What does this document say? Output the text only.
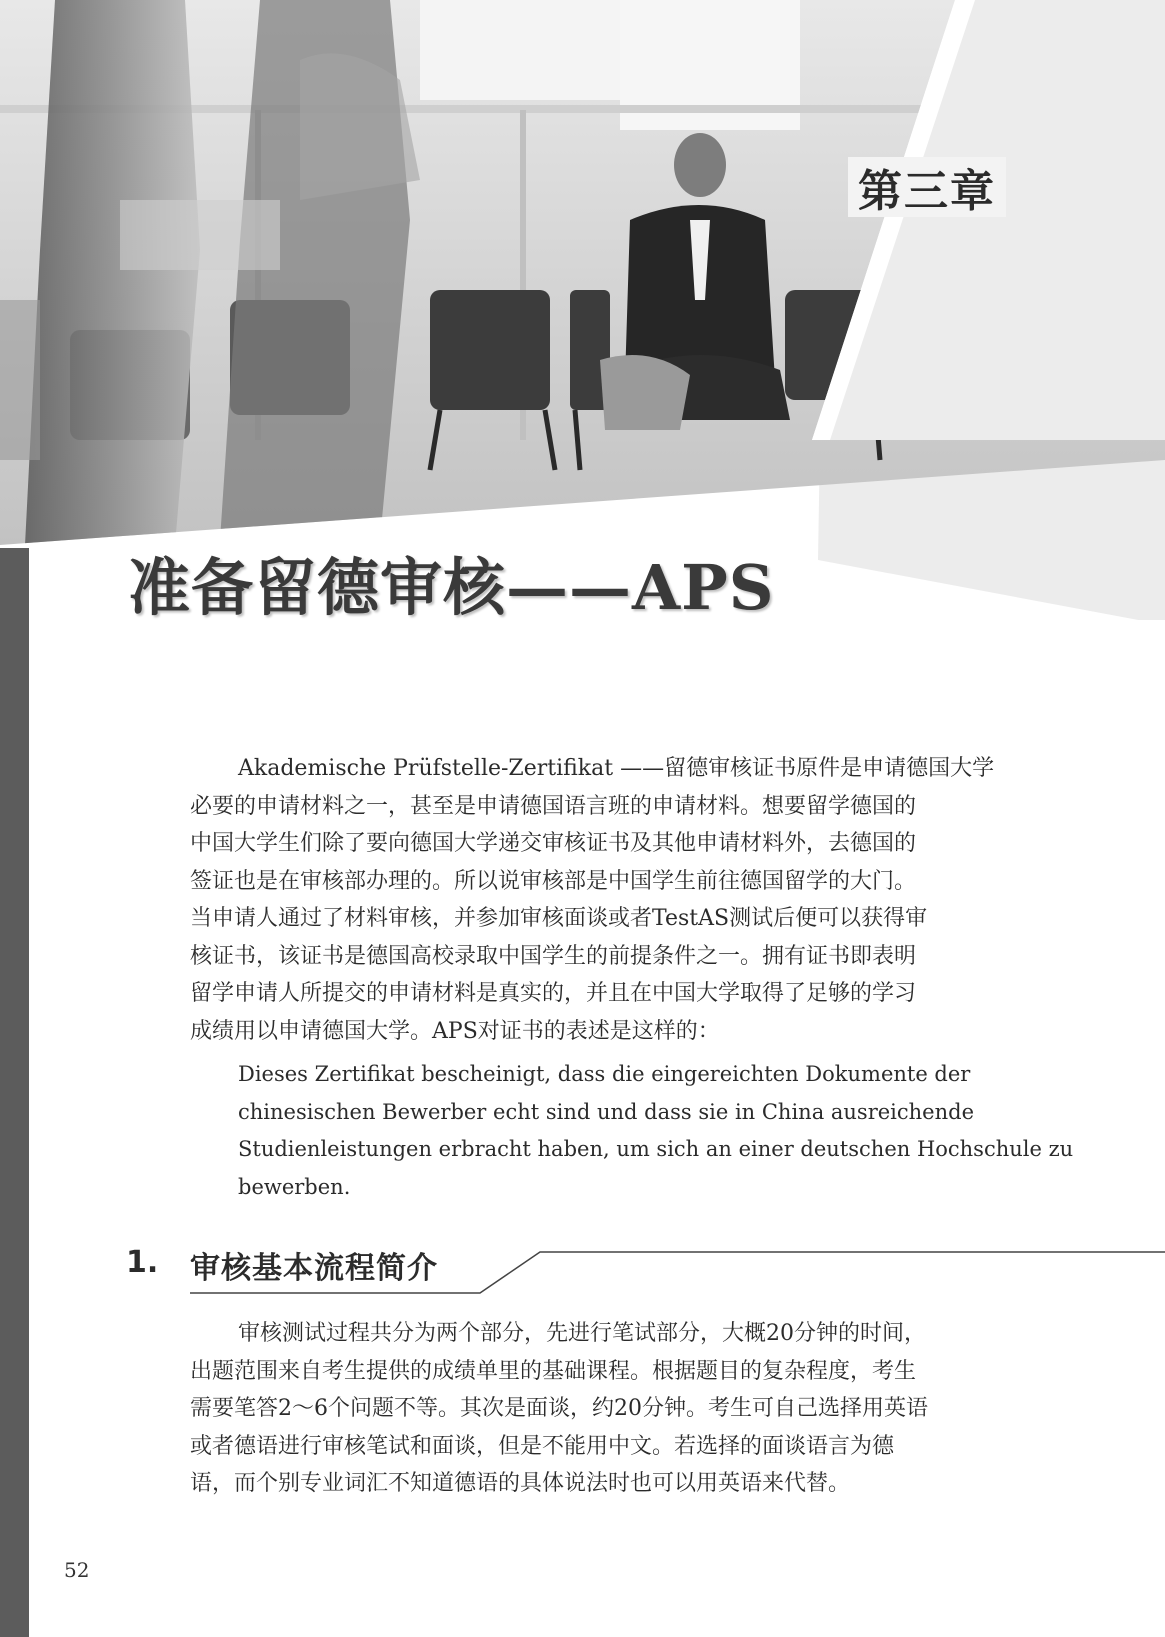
第三章
准备留德审核——APS
Akademische Prüfstelle-Zertifikat ——留德审核证书原件是申请德国大学
必要的申请材料之一，甚至是申请德国语言班的申请材料。想要留学德国的
中国大学生们除了要向德国大学递交审核证书及其他申请材料外，去德国的
签证也是在审核部办理的。所以说审核部是中国学生前往德国留学的大门。
当申请人通过了材料审核，并参加审核面谈或者TestAS测试后便可以获得审
核证书，该证书是德国高校录取中国学生的前提条件之一。拥有证书即表明
留学申请人所提交的申请材料是真实的，并且在中国大学取得了足够的学习
成绩用以申请德国大学。APS对证书的表述是这样的：
Dieses Zertifikat bescheinigt, dass die eingereichten Dokumente der
chinesischen Bewerber echt sind und dass sie in China ausreichende
Studienleistungen erbracht haben, um sich an einer deutschen Hochschule zu
bewerben.
1. 审核基本流程简介
审核测试过程共分为两个部分，先进行笔试部分，大概20分钟的时间，
出题范围来自考生提供的成绩单里的基础课程。根据题目的复杂程度，考生
需要笔答2～6个问题不等。其次是面谈，约20分钟。考生可自己选择用英语
或者德语进行审核笔试和面谈，但是不能用中文。若选择的面谈语言为德
语，而个别专业词汇不知道德语的具体说法时也可以用英语来代替。
52
